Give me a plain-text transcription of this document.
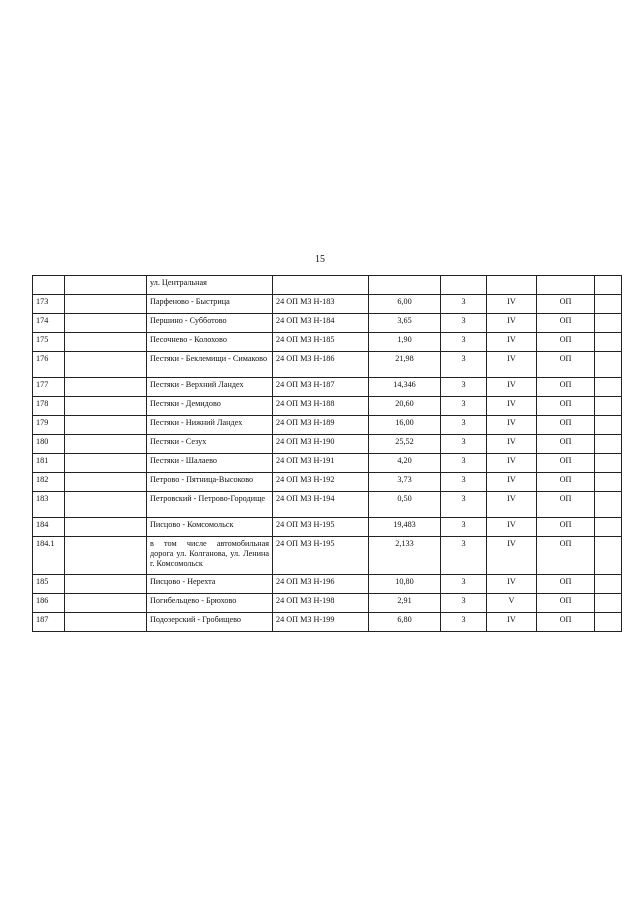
15
		ул. Центральная						
173		Парфеново - Быстрица	24 ОП МЗ Н-183	6,00	3	IV	ОП	
174		Першино - Субботово	24 ОП МЗ Н-184	3,65	3	IV	ОП	
175		Песочнево - Колохово	24 ОП МЗ Н-185	1,90	3	IV	ОП	
176		Пестяки - Беклемищи - Симаково	24 ОП МЗ Н-186	21,98	3	IV	ОП	
177		Пестяки - Верхний Ландех	24 ОП МЗ Н-187	14,346	3	IV	ОП	
178		Пестяки - Демидово	24 ОП МЗ Н-188	20,60	3	IV	ОП	
179		Пестяки - Нижний Ландех	24 ОП МЗ Н-189	16,00	3	IV	ОП	
180		Пестяки - Сезух	24 ОП МЗ Н-190	25,52	3	IV	ОП	
181		Пестяки - Шалаево	24 ОП МЗ Н-191	4,20	3	IV	ОП	
182		Петрово - Пятница-Высоково	24 ОП МЗ Н-192	3,73	3	IV	ОП	
183		Петровский - Петрово-Городище	24 ОП МЗ Н-194	0,50	3	IV	ОП	
184		Писцово - Комсомольск	24 ОП МЗ Н-195	19,483	3	IV	ОП	
184.1		в том числе автомобильная дорога ул. Колганова, ул. Ленина г. Комсомольск	24 ОП МЗ Н-195	2,133	3	IV	ОП	
185		Писцово - Нерехта	24 ОП МЗ Н-196	10,80	3	IV	ОП	
186		Погибельцево - Брюхово	24 ОП МЗ Н-198	2,91	3	V	ОП	
187		Подозерский - Гробищево	24 ОП МЗ Н-199	6,80	3	IV	ОП	
